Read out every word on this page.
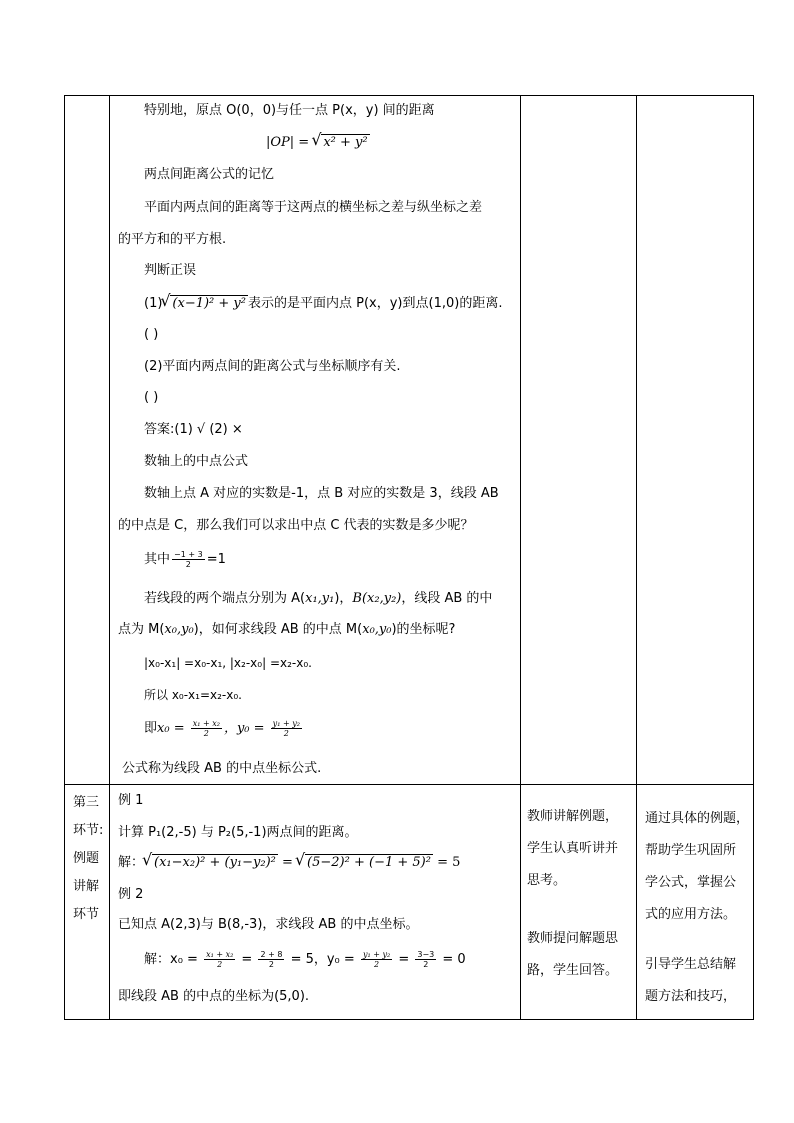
特别地，原点 O(0，0)与任一点 P(x，y) 间的距离
|OP| = √ x² + y²
两点间距离公式的记忆
平面内两点间的距离等于这两点的横坐标之差与纵坐标之差
的平方和的平方根.
判断正误
(1) √ (x−1)² + y² 表示的是平面内点 P(x，y)到点(1,0)的距离.
( )
(2)平面内两点间的距离公式与坐标顺序有关.
( )
答案:(1) √ (2) ×
数轴上的中点公式
数轴上点 A 对应的实数是-1，点 B 对应的实数是 3，线段 AB
的中点是 C，那么我们可以求出中点 C 代表的实数是多少呢？
其中 $\frac{-1 + 3}{2} =1$
若线段的两个端点分别为 A(x₁,y₁)，B(x₂,y₂)，线段 AB 的中
点为 M(x₀,y₀)，如何求线段 AB 的中点 M(x₀,y₀)的坐标呢?
|x₀-x₁| =x₀-x₁, |x₂-x₀| =x₂-x₀.
所以 x₀-x₁=x₂-x₀.
即$x_0 = \frac{\text{x₁ + x₂}}{2}$ ，$y_0 = \frac{\text{y₁ + y₂}}{2}$
公式称为线段 AB 的中点坐标公式.
第三
环节:
例题
讲解
环节
例 1
计算 P₁(2,-5) 与 P₂(5,-1)两点间的距离。
解： √ (x₁−x₂)² + (y₁−y₂)² = √ (5−2)² + (−1 + 5)² = 5
例 2
已知点 A(2,3)与 B(8,-3)，求线段 AB 的中点坐标。
解：$x_0 = \frac{\text{x₁ + x₂}}{2} = \frac{2 + 8}{2} = 5$，$y_0 = \frac{\text{y₁ + y₂}}{2} = \frac{3-3}{2} = 0$
即线段 AB 的中点的坐标为(5,0).
教师讲解例题，
学生认真听讲并
思考。
教师提问解题思
路，学生回答。
通过具体的例题，
帮助学生巩固所
学公式，掌握公
式的应用方法。
引导学生总结解
题方法和技巧，
